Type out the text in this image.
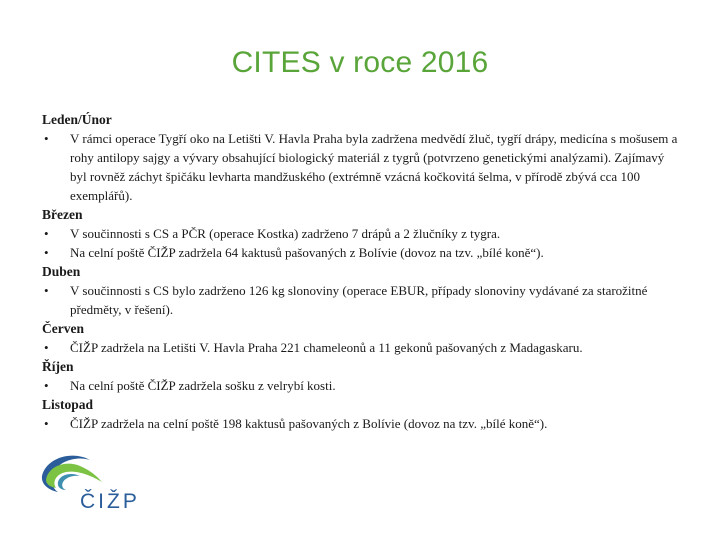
CITES v roce 2016
Leden/Únor
• V rámci operace Tygří oko na Letišti V. Havla Praha byla zadržena medvědí žluč, tygří drápy, medicína s mošusem a rohy antilopy sajgy a vývary obsahující biologický materiál z tygrů (potvrzeno genetickými analýzami). Zajímavý byl rovněž záchyt špičáku levharta mandžuského (extrémně vzácná kočkovitá šelma, v přírodě zbývá cca 100 exemplářů).
Březen
• V součinnosti s CS a PČR (operace Kostka) zadrženo 7 drápů a 2 žlučníky z tygra.
• Na celní poště ČIŽP zadržela 64 kaktusů pašovaných z Bolívie (dovoz na tzv. „bílé koně“).
Duben
• V součinnosti s CS bylo zadrženo 126 kg slonoviny (operace EBUR, případy slonoviny vydávané za starožitné předměty, v řešení).
Červen
• ČIŽP zadržela na Letišti V. Havla Praha 221 chameleonů a 11 gekonů pašovaných z Madagaskaru.
Říjen
• Na celní poště ČIŽP zadržela sošku z velrybí kosti.
Listopad
• ČIŽP zadržela na celní poště 198 kaktusů pašovaných z Bolívie (dovoz na tzv. „bílé koně“).
ČIŽP
